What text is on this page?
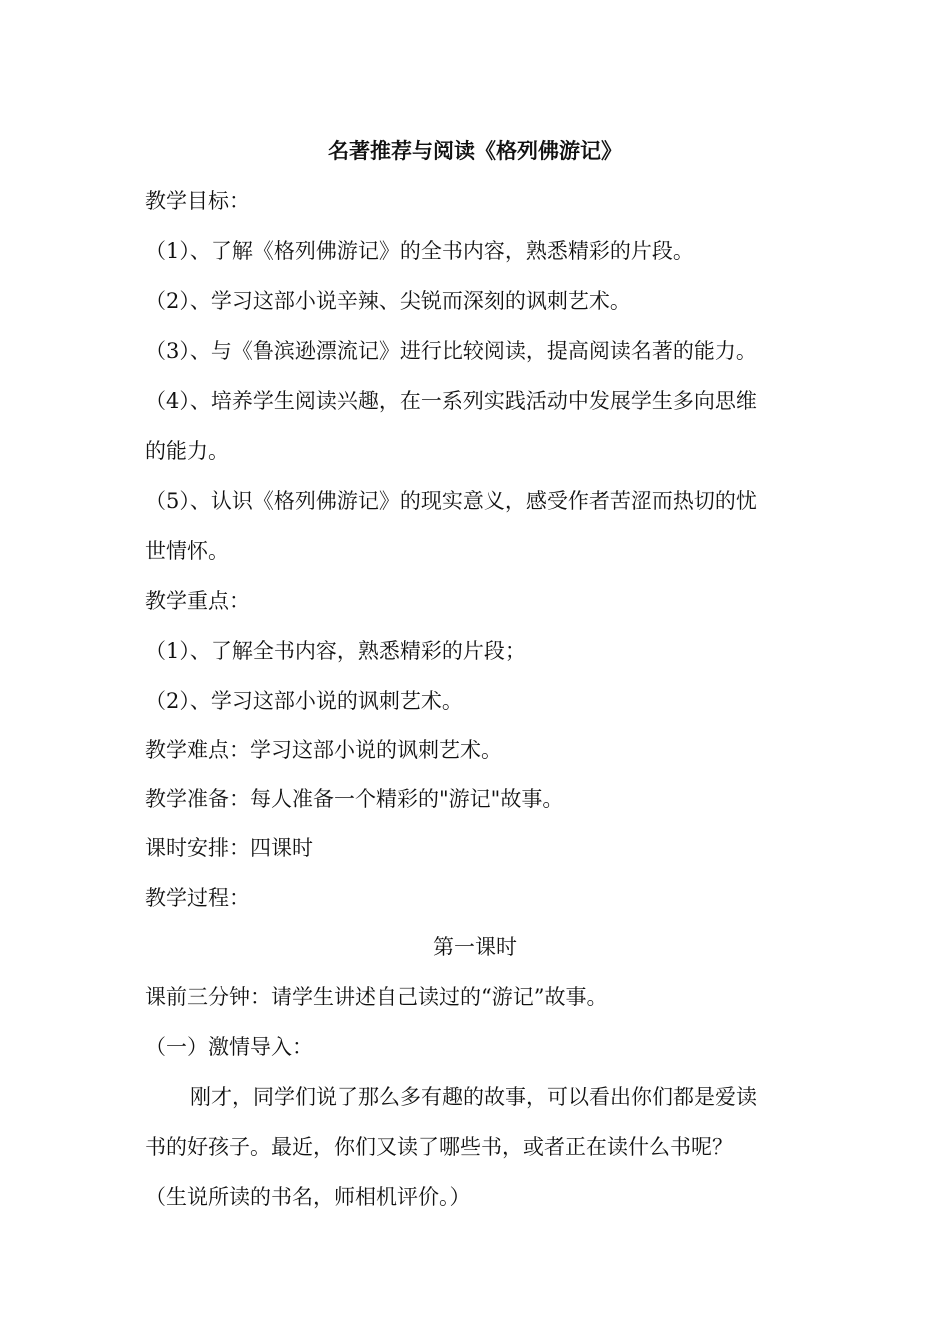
名著推荐与阅读《格列佛游记》
教学目标：
（1）、了解《格列佛游记》的全书内容，熟悉精彩的片段。
（2）、学习这部小说辛辣、尖锐而深刻的讽刺艺术。
（3）、与《鲁滨逊漂流记》进行比较阅读，提高阅读名著的能力。
（4）、培养学生阅读兴趣，在一系列实践活动中发展学生多向思维
的能力。
（5）、认识《格列佛游记》的现实意义，感受作者苦涩而热切的忧
世情怀。
教学重点：
（1）、了解全书内容，熟悉精彩的片段；
（2）、学习这部小说的讽刺艺术。
教学难点：学习这部小说的讽刺艺术。
教学准备：每人准备一个精彩的"游记"故事。
课时安排：四课时
教学过程：
第一课时
课前三分钟：请学生讲述自己读过的“游记”故事。
（一）激情导入：
刚才，同学们说了那么多有趣的故事，可以看出你们都是爱读
书的好孩子。最近，你们又读了哪些书，或者正在读什么书呢？
（生说所读的书名，师相机评价。）
